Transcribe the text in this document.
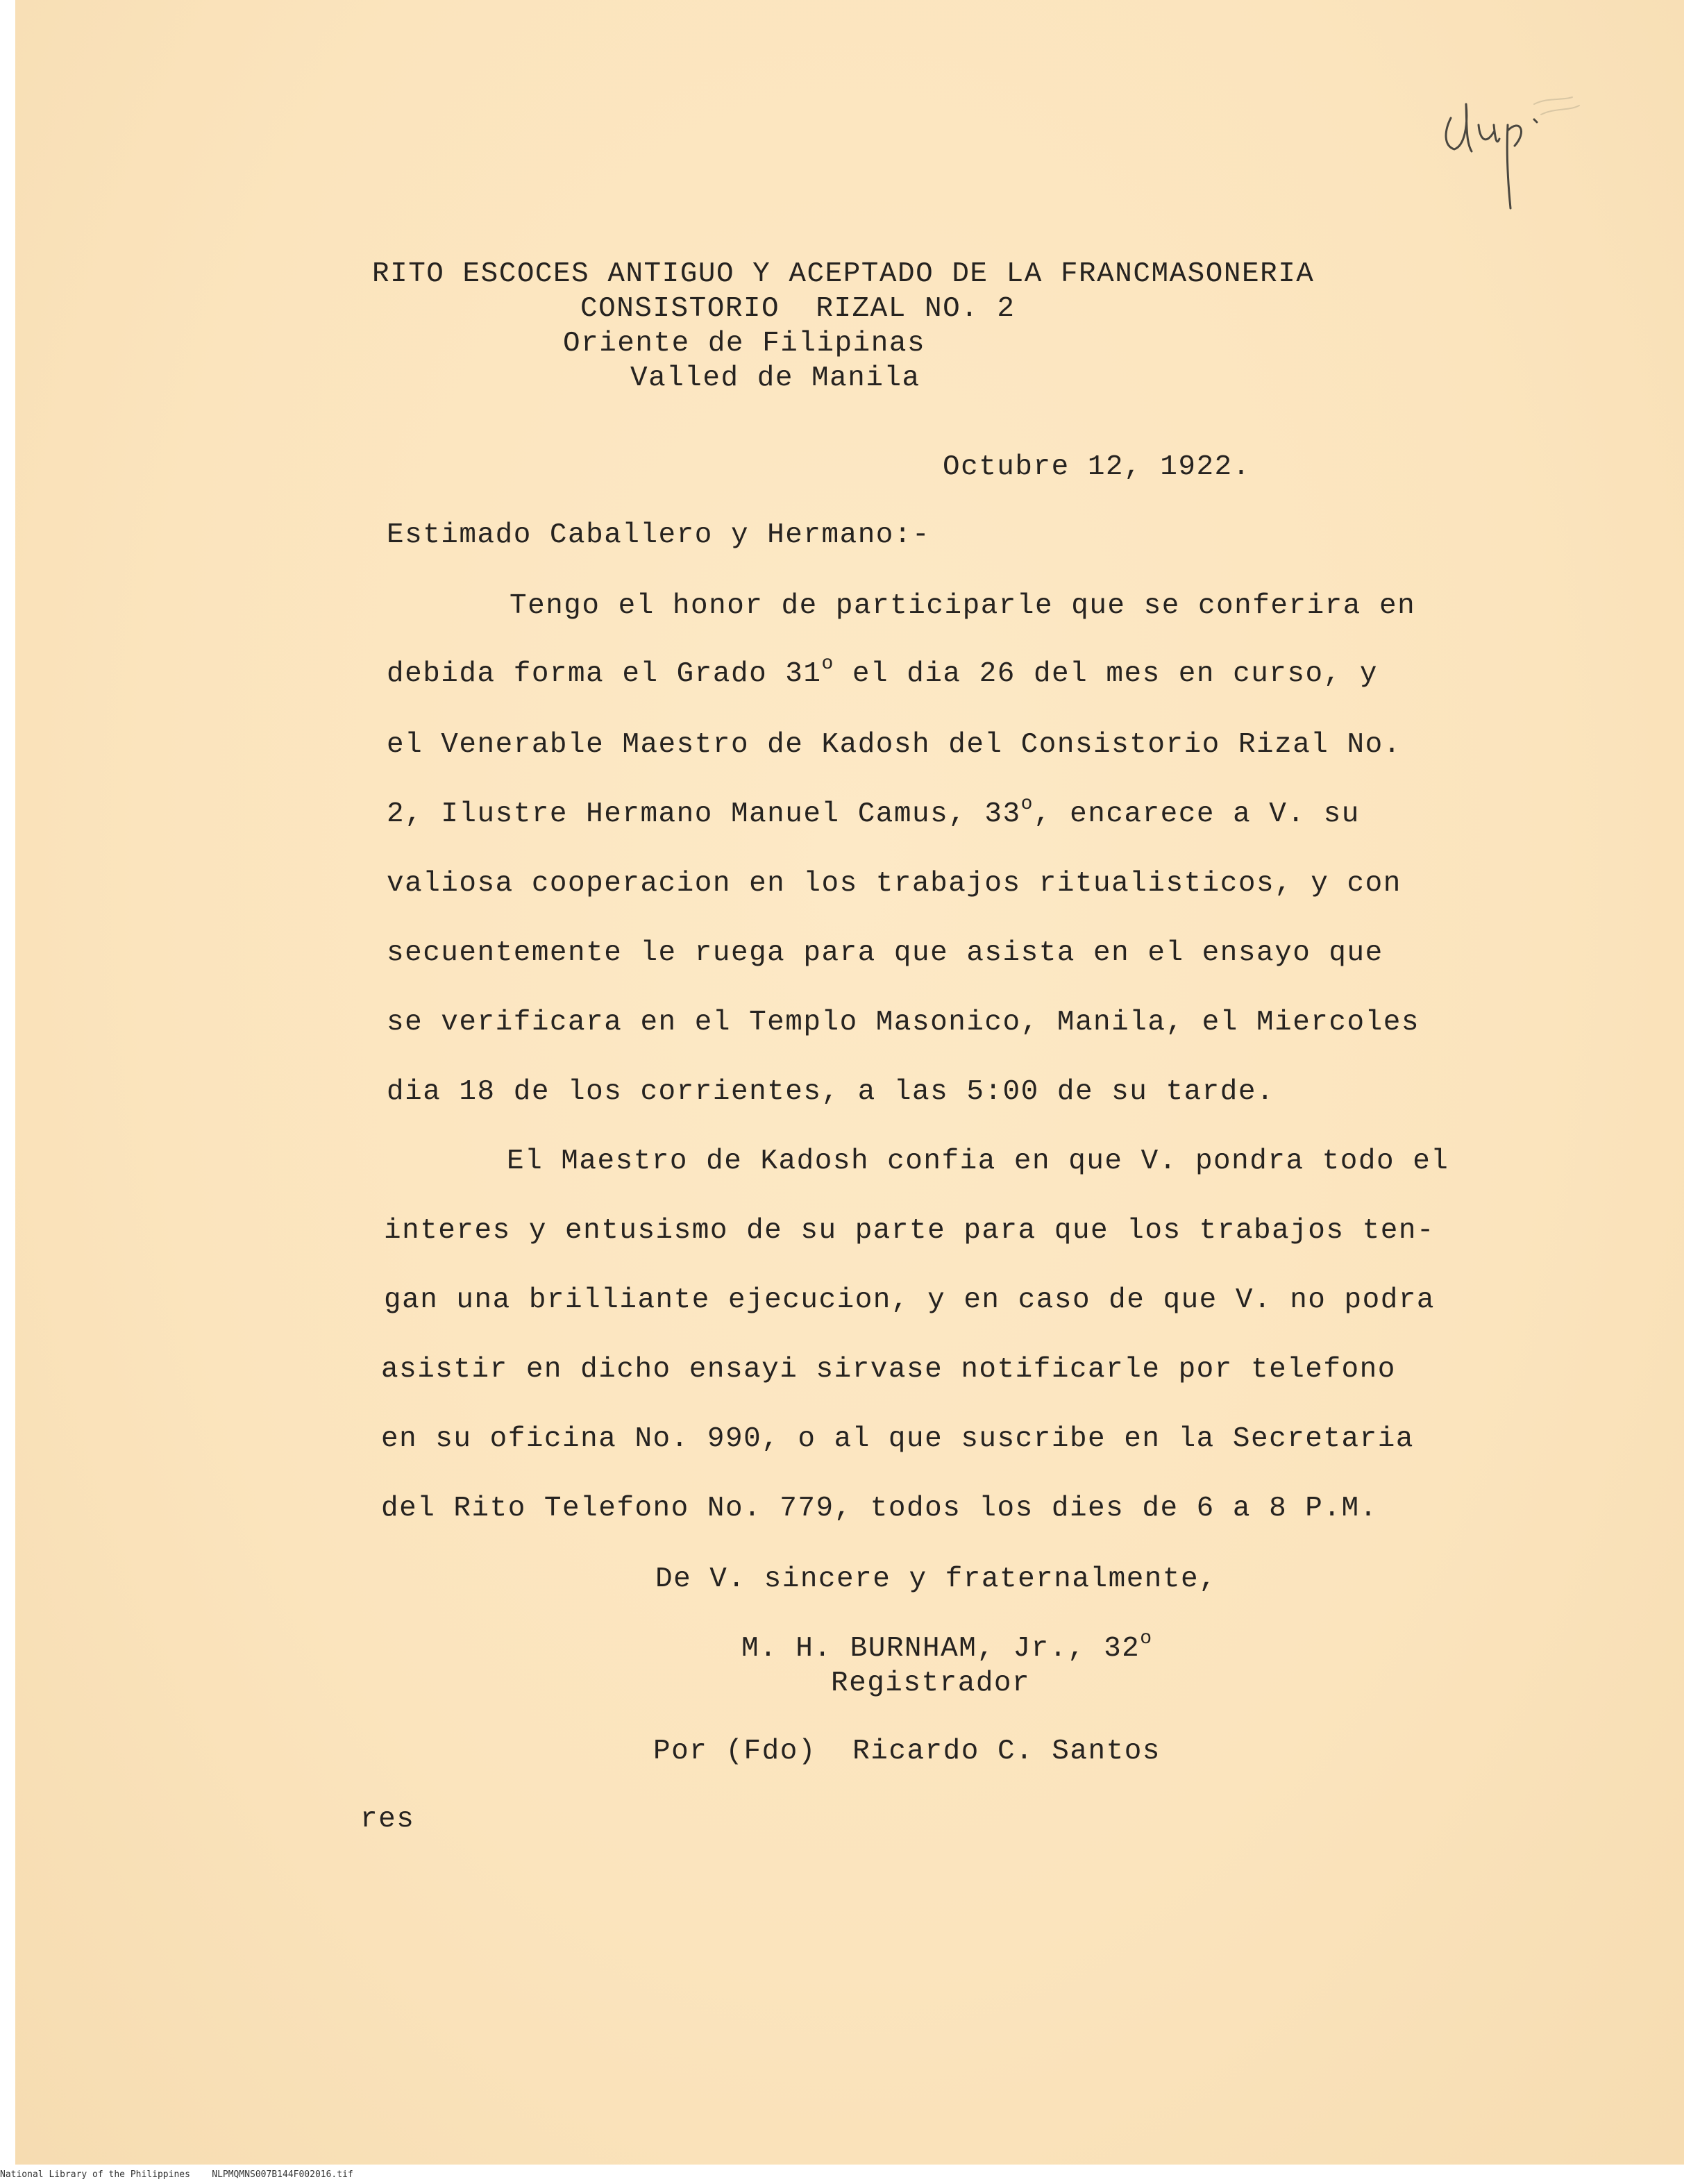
RITO ESCOCES ANTIGUO Y ACEPTADO DE LA FRANCMASONERIA
CONSISTORIO  RIZAL NO. 2
Oriente de Filipinas
Valled de Manila
Octubre 12, 1922.
Estimado Caballero y Hermano:-
Tengo el honor de participarle que se conferira en
debida forma el Grado 31$^o$ el dia 26 del mes en curso, y
el Venerable Maestro de Kadosh del Consistorio Rizal No.
2, Ilustre Hermano Manuel Camus, 33$^o$, encarece a V. su
valiosa cooperacion en los trabajos ritualisticos, y con
secuentemente le ruega para que asista en el ensayo que
se verificara en el Templo Masonico, Manila, el Miercoles
dia 18 de los corrientes, a las 5:00 de su tarde.
El Maestro de Kadosh confia en que V. pondra todo el
interes y entusismo de su parte para que los trabajos ten-
gan una brilliante ejecucion, y en caso de que V. no podra
asistir en dicho ensayi sirvase notificarle por telefono
en su oficina No. 990, o al que suscribe en la Secretaria
del Rito Telefono No. 779, todos los dies de 6 a 8 P.M.
De V. sincere y fraternalmente,
M. H. BURNHAM, Jr., 32$^o$
Registrador
Por (Fdo)  Ricardo C. Santos
res
National Library of the Philippines    NLPMQMNS007B144F002016.tif
